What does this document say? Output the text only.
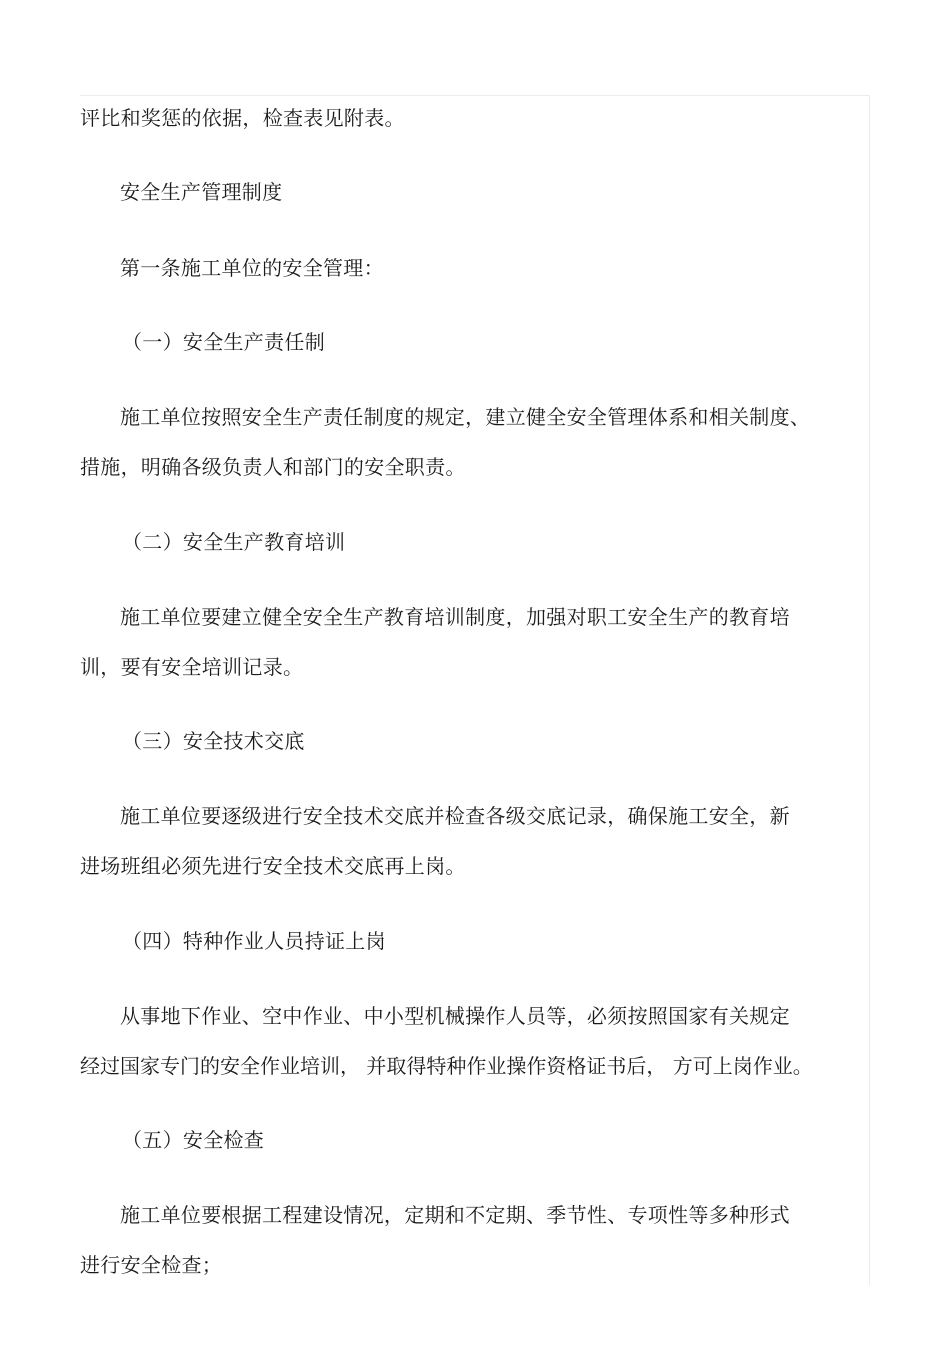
评比和奖惩的依据，检查表见附表。
安全生产管理制度
第一条施工单位的安全管理：
（一）安全生产责任制
施工单位按照安全生产责任制度的规定，建立健全安全管理体系和相关制度、
措施，明确各级负责人和部门的安全职责。
（二）安全生产教育培训
施工单位要建立健全安全生产教育培训制度，加强对职工安全生产的教育培
训，要有安全培训记录。
（三）安全技术交底
施工单位要逐级进行安全技术交底并检查各级交底记录，确保施工安全，新
进场班组必须先进行安全技术交底再上岗。
（四）特种作业人员持证上岗
从事地下作业、空中作业、中小型机械操作人员等，必须按照国家有关规定
经过国家专门的安全作业培训， 并取得特种作业操作资格证书后， 方可上岗作业。
（五）安全检查
施工单位要根据工程建设情况，定期和不定期、季节性、专项性等多种形式
进行安全检查；
